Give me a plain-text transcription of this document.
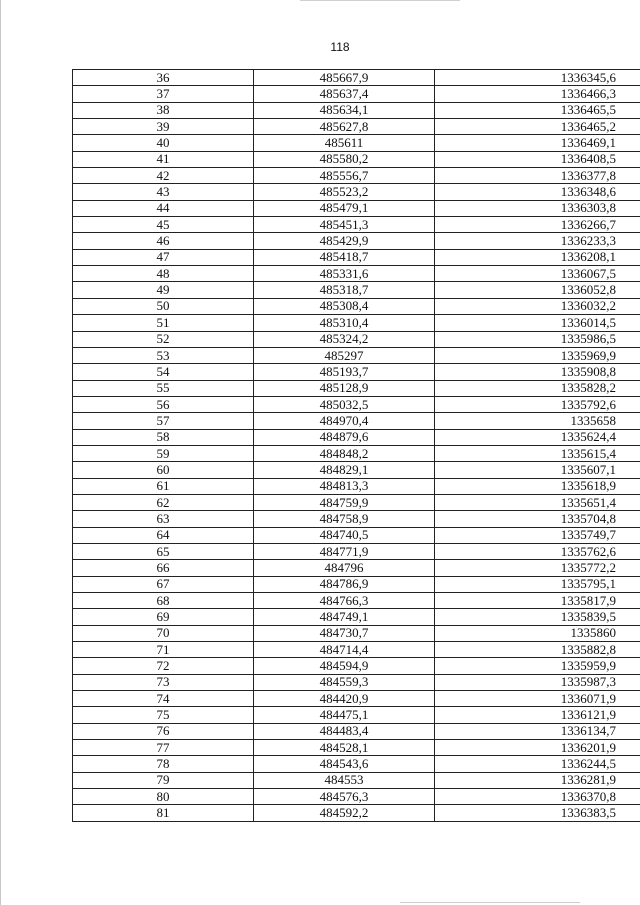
118
36	485667,9	1336345,6
37	485637,4	1336466,3
38	485634,1	1336465,5
39	485627,8	1336465,2
40	485611	1336469,1
41	485580,2	1336408,5
42	485556,7	1336377,8
43	485523,2	1336348,6
44	485479,1	1336303,8
45	485451,3	1336266,7
46	485429,9	1336233,3
47	485418,7	1336208,1
48	485331,6	1336067,5
49	485318,7	1336052,8
50	485308,4	1336032,2
51	485310,4	1336014,5
52	485324,2	1335986,5
53	485297	1335969,9
54	485193,7	1335908,8
55	485128,9	1335828,2
56	485032,5	1335792,6
57	484970,4	1335658
58	484879,6	1335624,4
59	484848,2	1335615,4
60	484829,1	1335607,1
61	484813,3	1335618,9
62	484759,9	1335651,4
63	484758,9	1335704,8
64	484740,5	1335749,7
65	484771,9	1335762,6
66	484796	1335772,2
67	484786,9	1335795,1
68	484766,3	1335817,9
69	484749,1	1335839,5
70	484730,7	1335860
71	484714,4	1335882,8
72	484594,9	1335959,9
73	484559,3	1335987,3
74	484420,9	1336071,9
75	484475,1	1336121,9
76	484483,4	1336134,7
77	484528,1	1336201,9
78	484543,6	1336244,5
79	484553	1336281,9
80	484576,3	1336370,8
81	484592,2	1336383,5
